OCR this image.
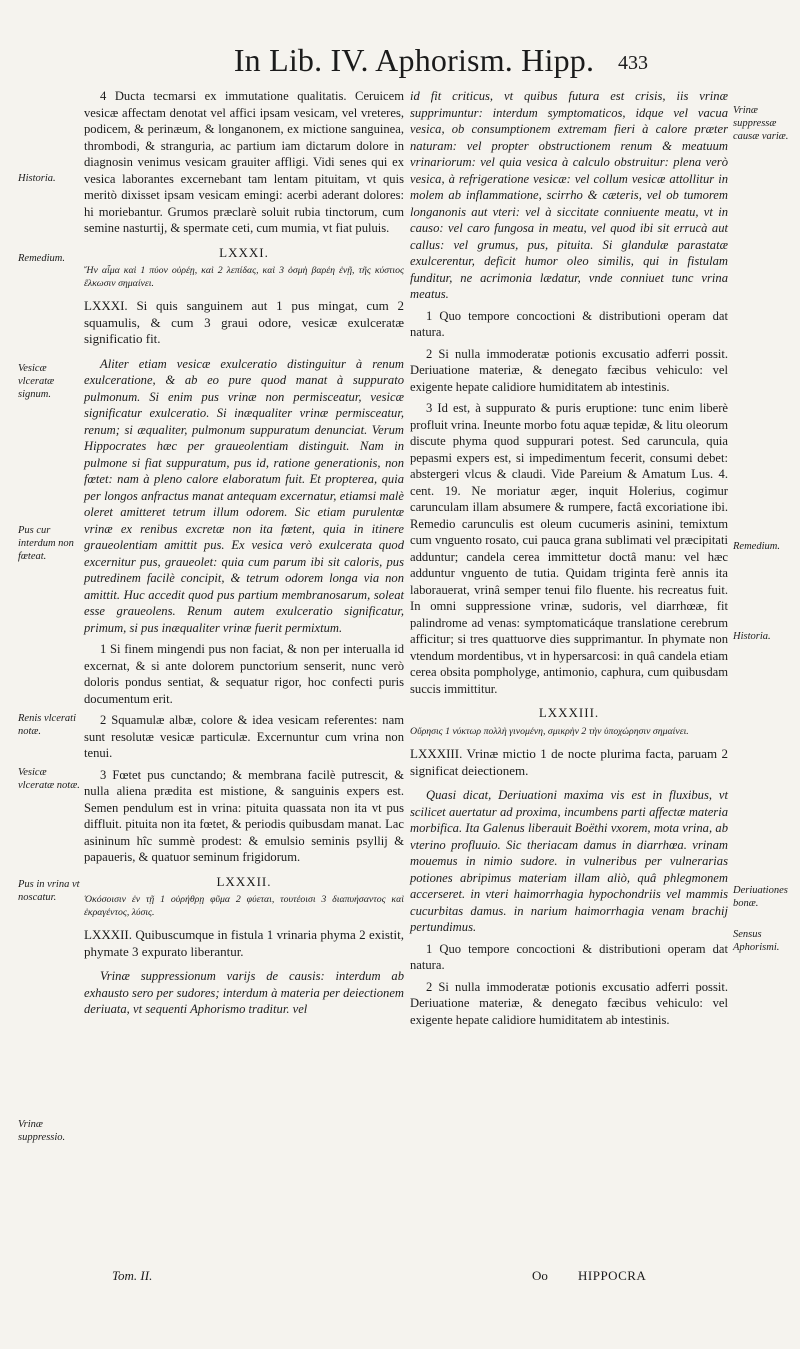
In Lib. IV. Aphorism. Hipp.	433

4 Ducta tecmarsi ex immutatione qualitatis. Ceruicem vesicæ affectam denotat vel affici ipsam vesicam, vel vreteres, podicem, & perinæum, & longanonem, ex mictione sanguinea, thrombodi, & stranguria, ac partium iam dictarum dolore in diagnosin venimus vesicam grauiter affligi. Vidi senes qui ex vesica laborantes excernebant tam lentam pituitam, vt quis meritò dixisset ipsam vesicam emingi: acerbi aderant dolores: hi moriebantur. Grumos præclarè soluit rubia tinctorum, cum semine nasturtij, & spermate ceti, cum mumia, vt fiat puluis.

LXXXI.

Ἤν αἷμα καὶ 1 πύον οὐρέῃ, καὶ 2 λεπίδας, καὶ 3 ὀσμὴ βαρέη ἐνῇ, τῆς κύστιος ἕλκωσιν σημαίνει.

LXXXI. Si quis sanguinem aut 1 pus mingat, cum 2 squamulis, & cum 3 graui odore, vesicæ exulceratæ significatio fit.

Aliter etiam vesicæ exulceratio distinguitur à renum exulceratione, & ab eo pure quod manat à suppurato pulmonum. Si enim pus vrinæ non permisceatur, vesicæ significatur exulceratio. Si inæqualiter vrinæ permisceatur, renum; si æqualiter, pulmonum suppuratum denunciat. Verum Hippocrates hæc per graueolentiam distinguit. Nam in pulmone si fiat suppuratum, pus id, ratione generationis, non fœtet: nam à pleno calore elaboratum fuit. Et propterea, quia per longos anfractus manat antequam excernatur, etiamsi malè oleret amitteret tetrum illum odorem. Sic etiam purulentæ vrinæ ex renibus excretæ non ita fœtent, quia in itinere graueolentiam amittit pus. Ex vesica verò exulcerata quod excernitur pus, graueolet: quia cum parum ibi sit caloris, pus putredinem facilè concipit, & tetrum odorem longa via non amittit. Huc accedit quod pus partium membranosarum, soleat esse graueolens. Renum autem exulceratio significatur, primum, si pus inæqualiter vrinæ fuerit permixtum.

1 Si finem mingendi pus non faciat, & non per interualla id excernat, & si ante dolorem punctorium senserit, nunc verò doloris pondus sentiat, & sequatur rigor, hoc confecti puris documentum erit.

2 Squamulæ albæ, colore & idea vesicam referentes: nam sunt resolutæ vesicæ particulæ. Excernuntur cum vrina non tenui.

3 Fœtet pus cunctando; & membrana facilè putrescit, & nulla aliena prædita est mistione, & sanguinis expers est. Semen pendulum est in vrina: pituita quassata non ita vt pus diffluit. pituita non ita fœtet, & periodis quibusdam manat. Lac asininum hîc summè prodest: & emulsio seminis psyllij & papaueris, & quatuor seminum frigidorum.

LXXXII.

Ὁκόσοισιν ἐν τῇ 1 οὐρήθρῃ φῦμα 2 φύεται, τουτέοισι 3 διαπυήσαντος καὶ ἐκραγέντος, λύσις.

LXXXII. Quibuscumque in fistula 1 vrinaria phyma 2 existit, phymate 3 expurato liberantur.

Vrinæ suppressionum varijs de causis: interdum ab exhausto sero per sudores; interdum à materia per deiectionem deriuata, vt sequenti Aphorismo traditur. vel

id fit criticus, vt quibus futura est crisis, iis vrinæ supprimuntur: interdum symptomaticos, idque vel vacua vesica, ob consumptionem extremam fieri à calore præter naturam: vel propter obstructionem renum & meatuum vrinariorum: vel quia vesica à calculo obstruitur: plena verò vesica, à refrigeratione vesicæ: vel collum vesicæ attollitur in molem ab inflammatione, scirrho & cæteris, vel ob tumorem longanonis aut vteri: vel à siccitate conniuente meatu, vt in causo: vel caro fungosa in meatu, vel quod ibi sit errucà aut callus: vel grumus, pus, pituita. Si glandulæ parastatæ exulcerentur, deficit humor oleo similis, qui in fistulam funditur, ne acrimonia lædatur, vnde conniuet tunc vrina meatus.

1 Quo tempore concoctioni & distributioni operam dat natura.

2 Si nulla immoderatæ potionis excusatio adferri possit. Deriuatione materiæ, & denegato fæcibus vehiculo: vel exigente hepate calidiore humiditatem ab intestinis.

3 Id est, à suppurato & puris eruptione: tunc enim liberè profluit vrina. Ineunte morbo fotu aquæ tepidæ, & litu oleorum discute phyma quod suppurari potest. Sed caruncula, quia pepasmi expers est, si impedimentum fecerit, consumi debet: abstergeri vlcus & claudi. Vide Pareium & Amatum Lus. 4. cent. 19. Ne moriatur æger, inquit Holerius, cogimur carunculam illam absumere & rumpere, factâ excoriatione ibi. Remedio carunculis est oleum cucumeris asinini, temixtum cum vnguento rosato, cui pauca grana sublimati vel præcipitati adduntur; candela cerea immittetur doctâ manu: vel hæc adduntur vnguento de tutia. Quidam triginta ferè annis ita laborauerat, vrinâ semper tenui filo fluente. his recreatus fuit. In omni suppressione vrinæ, sudoris, vel diarrhœæ, fit palindrome ad venas: symptomaticáque translatione cerebrum afficitur; si tres quattuorve dies supprimantur. In phymate non vtendum mordentibus, vt in hypersarcosi: in quâ candela etiam cerea obsita pompholyge, antimonio, caphura, cum quibusdam succis immittitur.

LXXXIII.

Οὔρησις 1 νύκτωρ πολλὴ γινομένη, σμικρὴν 2 τὴν ὑποχώρησιν σημαίνει.

LXXXIII. Vrinæ mictio 1 de nocte plurima facta, paruam 2 significat deiectionem.

Quasi dicat, Deriuationi maxima vis est in fluxibus, vt scilicet auertatur ad proxima, incumbens parti affectæ materia morbifica. Ita Galenus liberauit Boëthi vxorem, mota vrina, ab vterino profluuio. Sic theriacam damus in diarrhœa. vrinam mouemus in nimio sudore. in vulneribus per vulnerarias potiones abripimus materiam illam aliò, quâ phlegmonem accerseret. in vteri haimorrhagia hypochondriis vel mammis cucurbitas damus. in narium haimorrhagia venam brachij pertundimus.

1 Quo tempore concoctioni & distributioni operam dat natura.

2 Si nulla immoderatæ potionis excusatio adferri possit. Deriuatione materiæ, & denegato fæcibus vehiculo: vel exigente hepate calidiore humiditatem ab intestinis.

Historia.
Remedium.
Vesicæ vlceratæ signum.
Pus cur interdum non fœteat.
Renis vlcerati notæ.
Vesicæ vlceratæ notæ.
Pus in vrina vt noscatur.
Vrinæ suppressio.
Vrinæ suppressæ causæ variæ.
Remedium.
Historia.
Deriuationes bonæ.
Sensus Aphorismi.
Tom. II.	Oo HIPPOCRA
